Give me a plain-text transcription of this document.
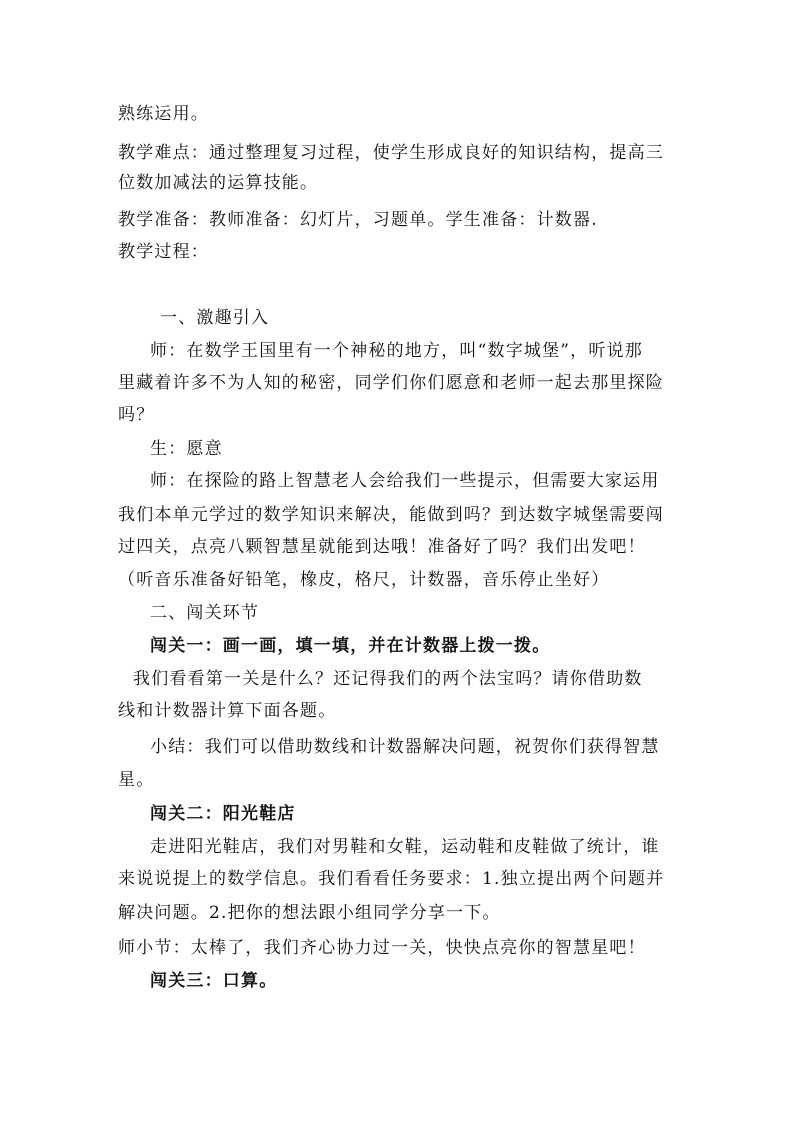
熟练运用。
教学难点：通过整理复习过程，使学生形成良好的知识结构，提高三
位数加减法的运算技能。
教学准备：教师准备：幻灯片，习题单。学生准备：计数器.
教学过程：
一、激趣引入
师：在数学王国里有一个神秘的地方，叫“数字城堡”，听说那
里藏着许多不为人知的秘密，同学们你们愿意和老师一起去那里探险
吗？
生：愿意
师：在探险的路上智慧老人会给我们一些提示，但需要大家运用
我们本单元学过的数学知识来解决，能做到吗？到达数字城堡需要闯
过四关，点亮八颗智慧星就能到达哦！准备好了吗？我们出发吧！
（听音乐准备好铅笔，橡皮，格尺，计数器，音乐停止坐好）
二、闯关环节
闯关一：画一画，填一填，并在计数器上拨一拨。
我们看看第一关是什么？还记得我们的两个法宝吗？请你借助数
线和计数器计算下面各题。
小结：我们可以借助数线和计数器解决问题，祝贺你们获得智慧
星。
闯关二：阳光鞋店
走进阳光鞋店，我们对男鞋和女鞋，运动鞋和皮鞋做了统计，谁
来说说提上的数学信息。我们看看任务要求：1.独立提出两个问题并
解决问题。2.把你的想法跟小组同学分享一下。
师小节：太棒了，我们齐心协力过一关，快快点亮你的智慧星吧！
闯关三：口算。
